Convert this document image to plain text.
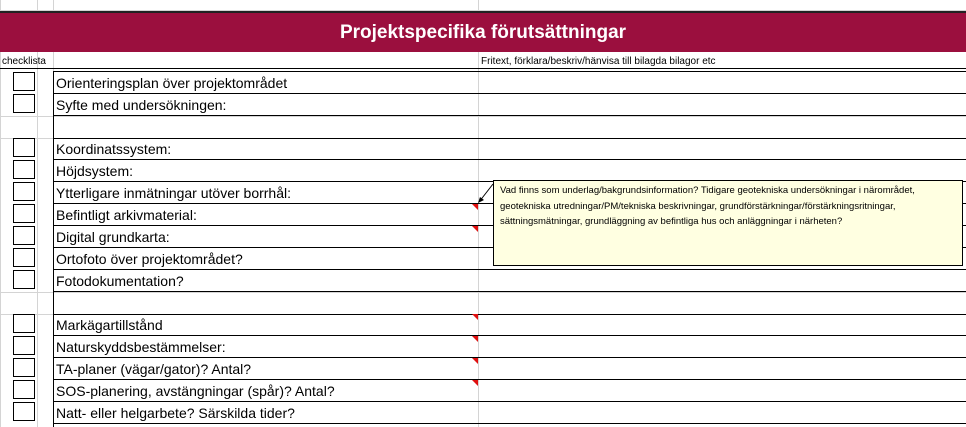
Projektspecifika förutsättningar
checklista	Fritext, förklara/beskriv/hänvisa till bilagda bilagor etc
Orienteringsplan över projektområdet
Syfte med undersökningen:
Koordinatssystem:
Höjdsystem:
Ytterligare inmätningar utöver borrhål:
Befintligt arkivmaterial:
Digital grundkarta:
Ortofoto över projektområdet?
Fotodokumentation?
Markägartillstånd
Naturskyddsbestämmelser:
TA-planer (vägar/gator)? Antal?
SOS-planering, avstängningar (spår)? Antal?
Natt- eller helgarbete? Särskilda tider?
Vad finns som underlag/bakgrundsinformation? Tidigare geotekniska undersökningar i närområdet, geotekniska utredningar/PM/tekniska beskrivningar, grundförstärkningar/förstärkningsritningar, sättningsmätningar, grundläggning av befintliga hus och anläggningar i närheten?
